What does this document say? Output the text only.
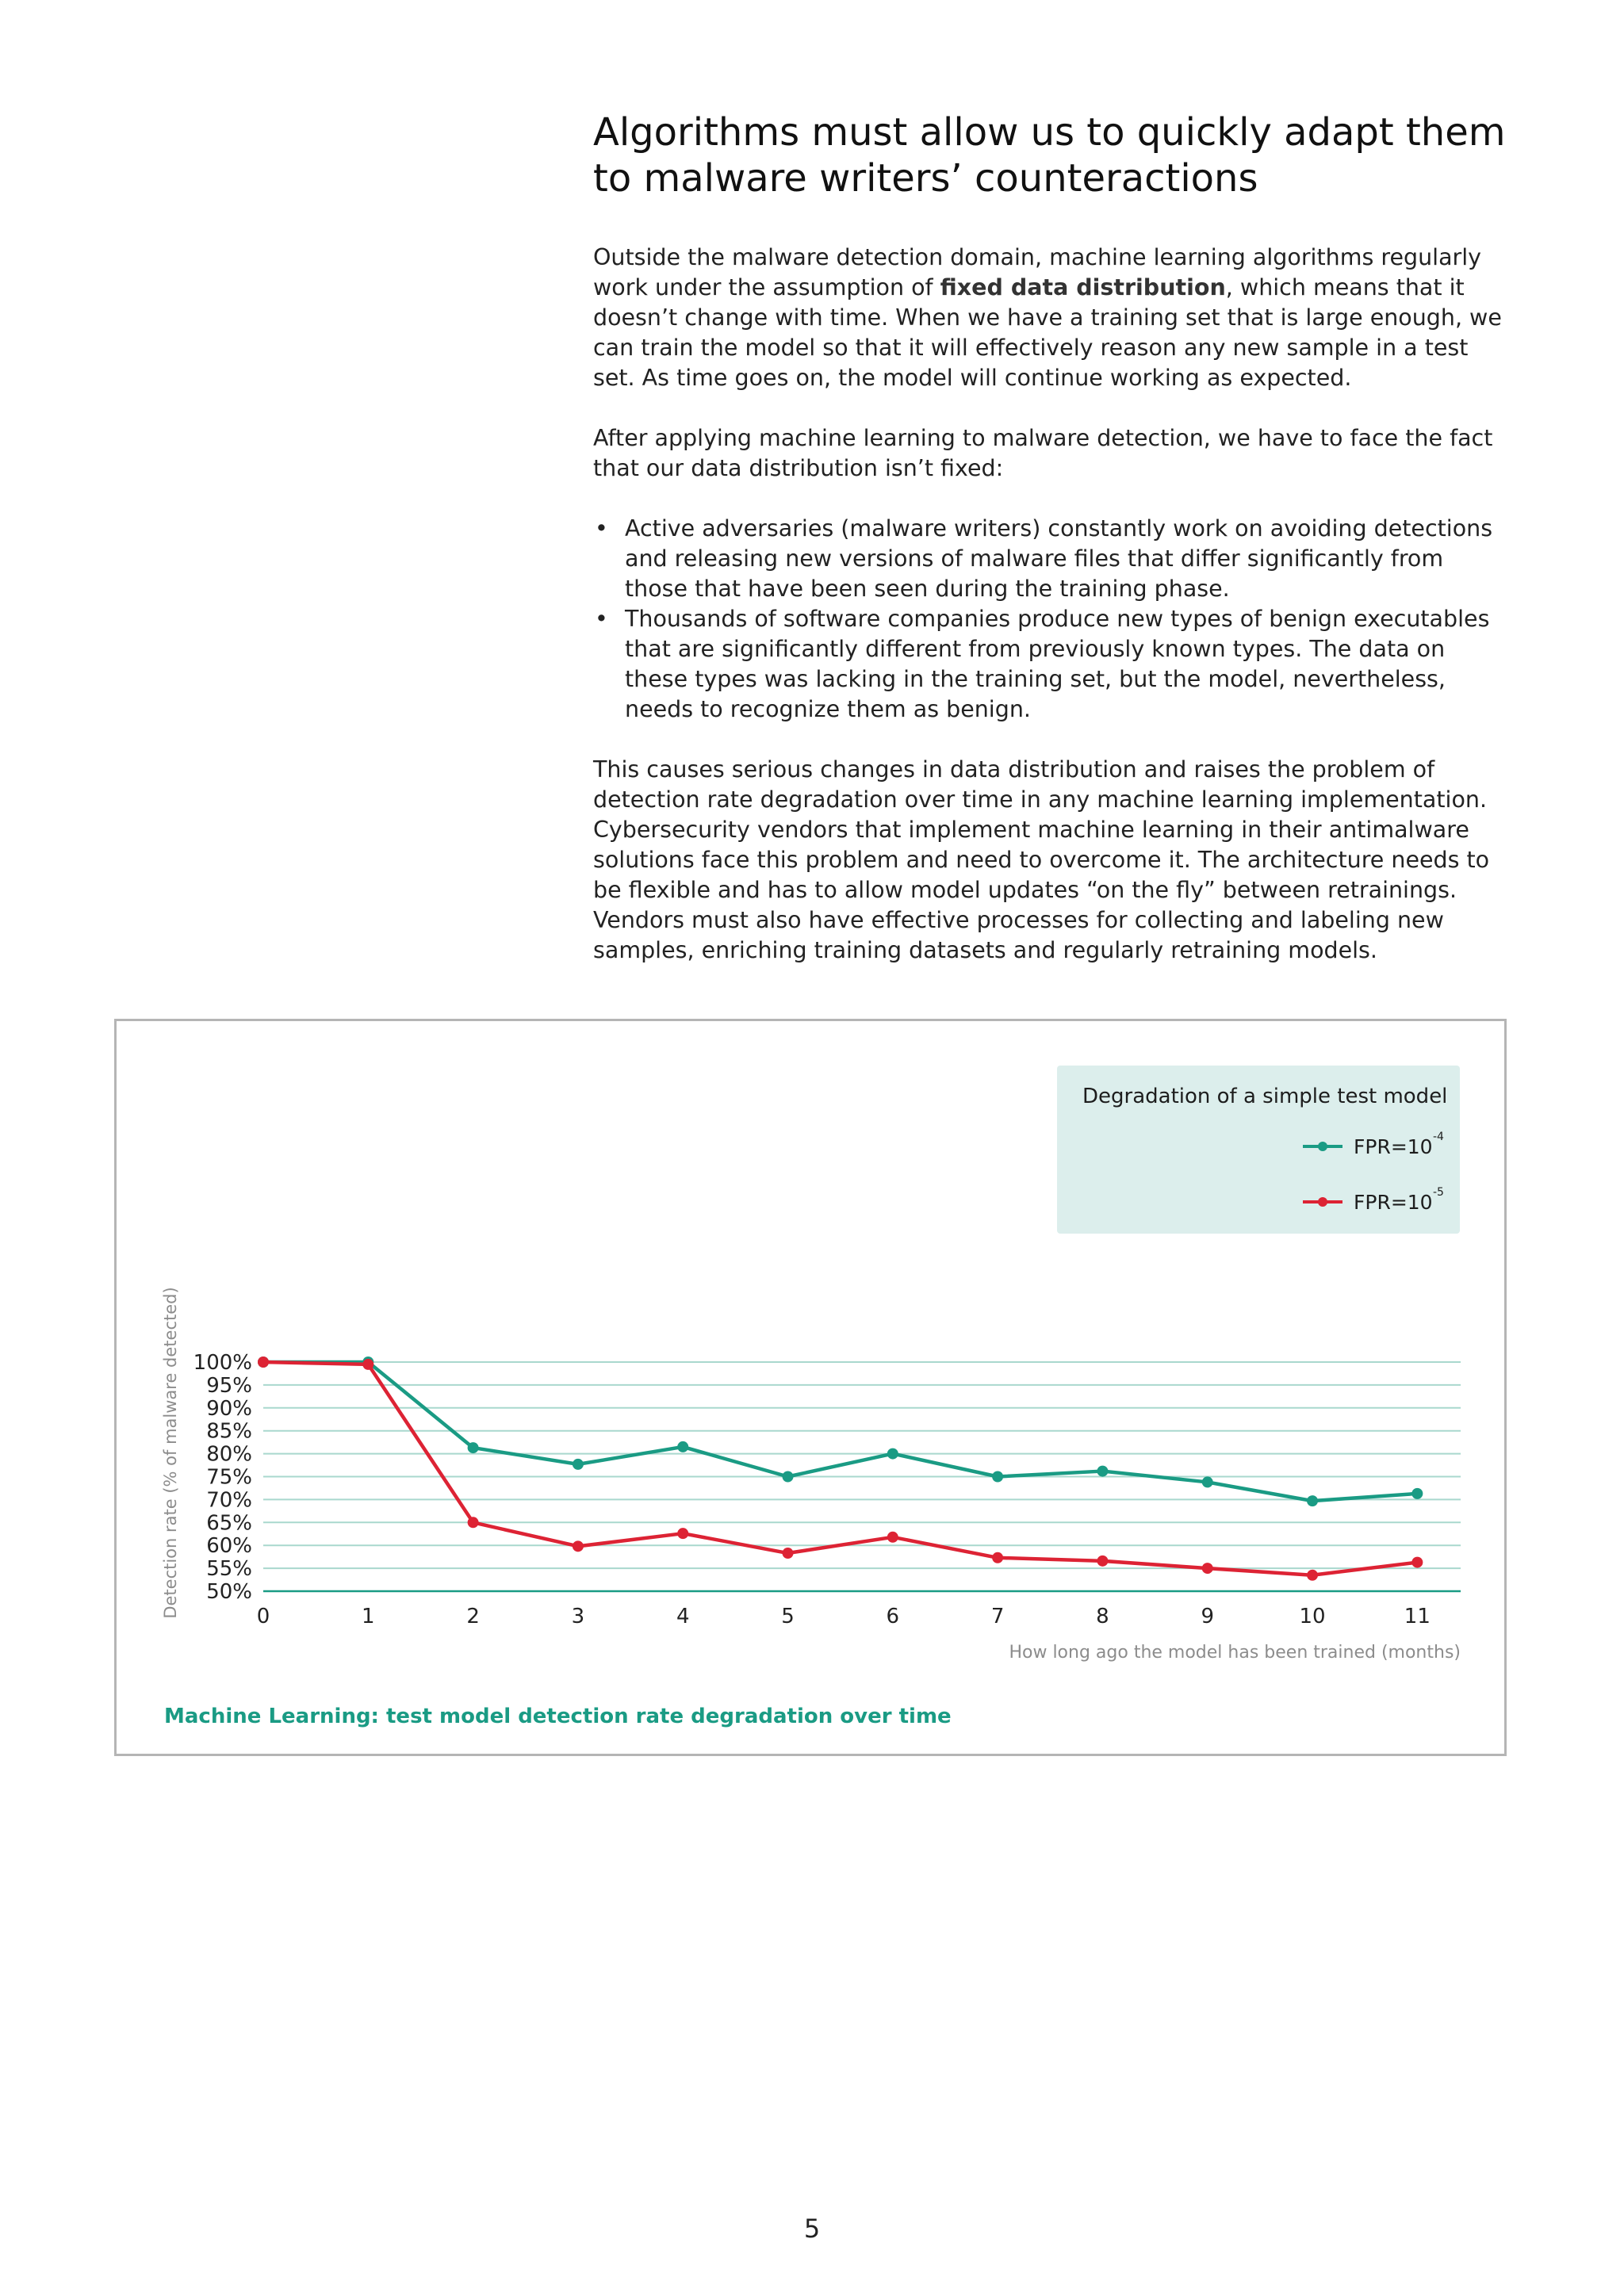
Algorithms must allow us to quickly adapt them
to malware writers’ counteractions

Outside the malware detection domain, machine learning algorithms regularly work under the assumption of fixed data distribution, which means that it doesn’t change with time. When we have a training set that is large enough, we can train the model so that it will effectively reason any new sample in a test set. As time goes on, the model will continue working as expected.

After applying machine learning to malware detection, we have to face the fact that our data distribution isn’t fixed:

• Active adversaries (malware writers) constantly work on avoiding detections and releasing new versions of malware files that differ significantly from those that have been seen during the training phase.
• Thousands of software companies produce new types of benign executables that are significantly different from previously known types. The data on these types was lacking in the training set, but the model, nevertheless, needs to recognize them as benign.

This causes serious changes in data distribution and raises the problem of detection rate degradation over time in any machine learning implementation. Cybersecurity vendors that implement machine learning in their antimalware solutions face this problem and need to overcome it. The architecture needs to be flexible and has to allow model updates “on the fly” between retrainings. Vendors must also have effective processes for collecting and labeling new samples, enriching training datasets and regularly retraining models.

50%
55%
60%
65%
70%
75%
80%
85%
90%
95%
100%
0	1	2	3	4	5	6	7	8	9	10	11
How long ago the model has been trained (months)
Detection rate (% of malware detected)
Degradation of a simple test model
FPR=10 -4
FPR=10 -5
Machine Learning: test model detection rate degradation over time
5
